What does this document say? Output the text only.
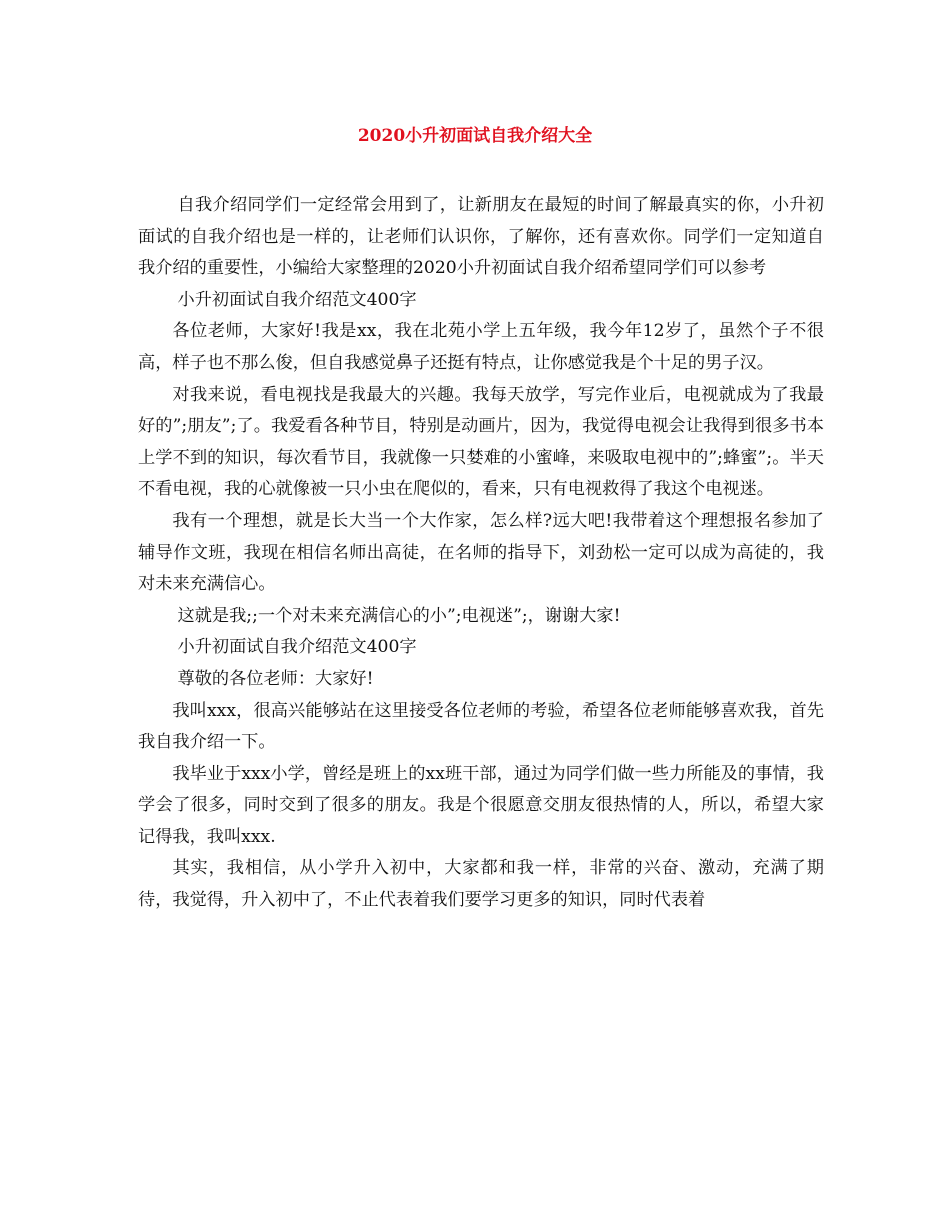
2020小升初面试自我介绍大全

自我介绍同学们一定经常会用到了，让新朋友在最短的时间了解最真实的你，小升初面试的自我介绍也是一样的，让老师们认识你，了解你，还有喜欢你。同学们一定知道自我介绍的重要性，小编给大家整理的2020小升初面试自我介绍希望同学们可以参考

小升初面试自我介绍范文400字

各位老师，大家好!我是xx，我在北苑小学上五年级，我今年12岁了，虽然个子不很高，样子也不那么俊，但自我感觉鼻子还挺有特点，让你感觉我是个十足的男子汉。

对我来说，看电视找是我最大的兴趣。我每天放学，写完作业后，电视就成为了我最好的”;朋友”;了。我爱看各种节目，特别是动画片，因为，我觉得电视会让我得到很多书本上学不到的知识，每次看节目，我就像一只婪难的小蜜峰，来吸取电视中的”;蜂蜜”;。半天不看电视，我的心就像被一只小虫在爬似的，看来，只有电视救得了我这个电视迷。

我有一个理想，就是长大当一个大作家，怎么样?远大吧!我带着这个理想报名参加了辅导作文班，我现在相信名师出高徒，在名师的指导下，刘劲松一定可以成为高徒的，我对未来充满信心。

这就是我;;一个对未来充满信心的小”;电视迷”;，谢谢大家!

小升初面试自我介绍范文400字

尊敬的各位老师：大家好!

我叫xxx，很高兴能够站在这里接受各位老师的考验，希望各位老师能够喜欢我，首先我自我介绍一下。

我毕业于xxx小学，曾经是班上的xx班干部，通过为同学们做一些力所能及的事情，我学会了很多，同时交到了很多的朋友。我是个很愿意交朋友很热情的人，所以，希望大家记得我，我叫xxx.

其实，我相信，从小学升入初中，大家都和我一样，非常的兴奋、激动，充满了期待，我觉得，升入初中了，不止代表着我们要学习更多的知识，同时代表着
